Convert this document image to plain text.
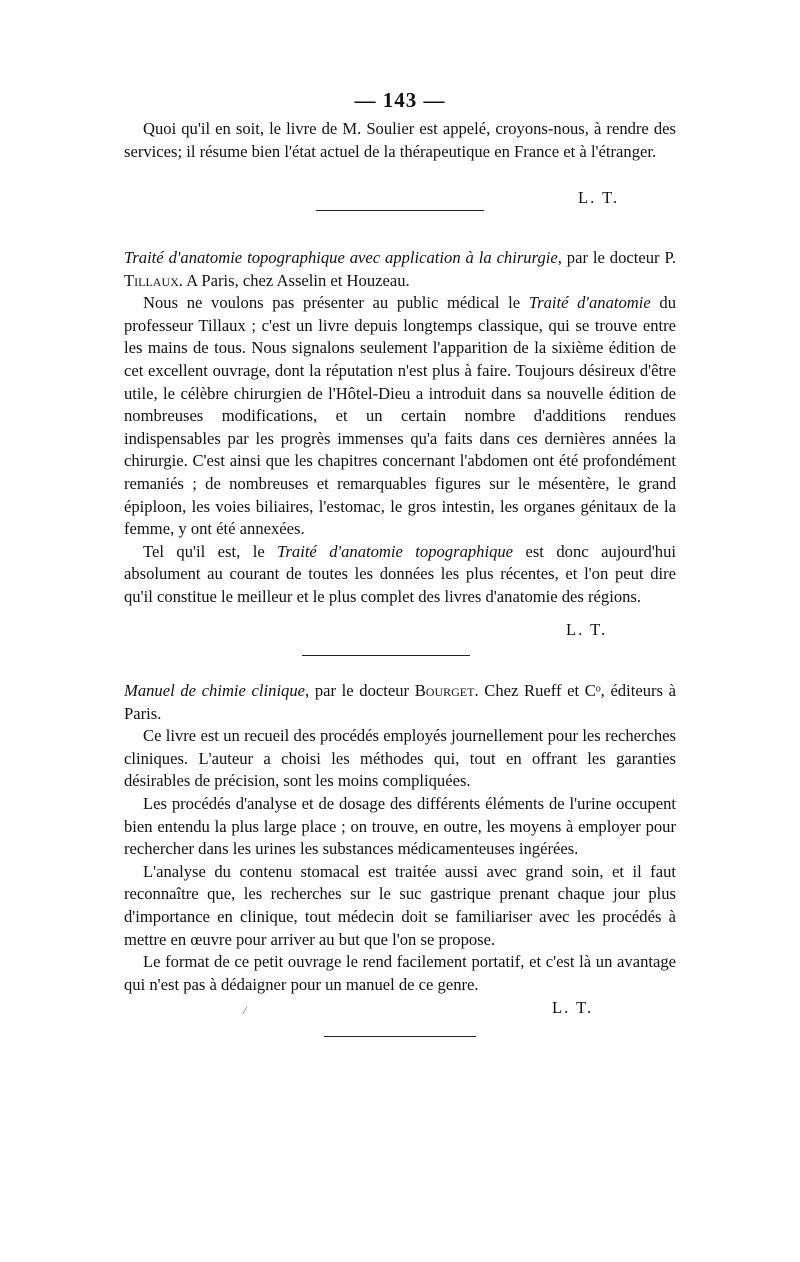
— 143 —

Quoi qu'il en soit, le livre de M. Soulier est appelé, croyons-nous, à rendre des services; il résume bien l'état actuel de la thérapeutique en France et à l'étranger.

L. T.

Traité d'anatomie topographique avec application à la chirurgie, par le docteur P. Tillaux. A Paris, chez Asselin et Houzeau.

Nous ne voulons pas présenter au public médical le Traité d'anatomie du professeur Tillaux ; c'est un livre depuis longtemps classique, qui se trouve entre les mains de tous. Nous signalons seulement l'apparition de la sixième édition de cet excellent ouvrage, dont la réputation n'est plus à faire. Toujours désireux d'être utile, le célèbre chirurgien de l'Hôtel-Dieu a introduit dans sa nouvelle édition de nombreuses modifications, et un certain nombre d'additions rendues indispensables par les progrès immenses qu'a faits dans ces dernières années la chirurgie. C'est ainsi que les chapitres concernant l'abdomen ont été profondément remaniés ; de nombreuses et remarquables figures sur le mésentère, le grand épiploon, les voies biliaires, l'estomac, le gros intestin, les organes génitaux de la femme, y ont été annexées.

Tel qu'il est, le Traité d'anatomie topographique est donc aujourd'hui absolument au courant de toutes les données les plus récentes, et l'on peut dire qu'il constitue le meilleur et le plus complet des livres d'anatomie des régions.

L. T.

Manuel de chimie clinique, par le docteur Bourget. Chez Rueff et Cᵒ, éditeurs à Paris.

Ce livre est un recueil des procédés employés journellement pour les recherches cliniques. L'auteur a choisi les méthodes qui, tout en offrant les garanties désirables de précision, sont les moins compliquées.

Les procédés d'analyse et de dosage des différents éléments de l'urine occupent bien entendu la plus large place ; on trouve, en outre, les moyens à employer pour rechercher dans les urines les substances médicamenteuses ingérées.

L'analyse du contenu stomacal est traitée aussi avec grand soin, et il faut reconnaître que, les recherches sur le suc gastrique prenant chaque jour plus d'importance en clinique, tout médecin doit se familiariser avec les procédés à mettre en œuvre pour arriver au but que l'on se propose.

Le format de ce petit ouvrage le rend facilement portatif, et c'est là un avantage qui n'est pas à dédaigner pour un manuel de ce genre.

/	L. T.
